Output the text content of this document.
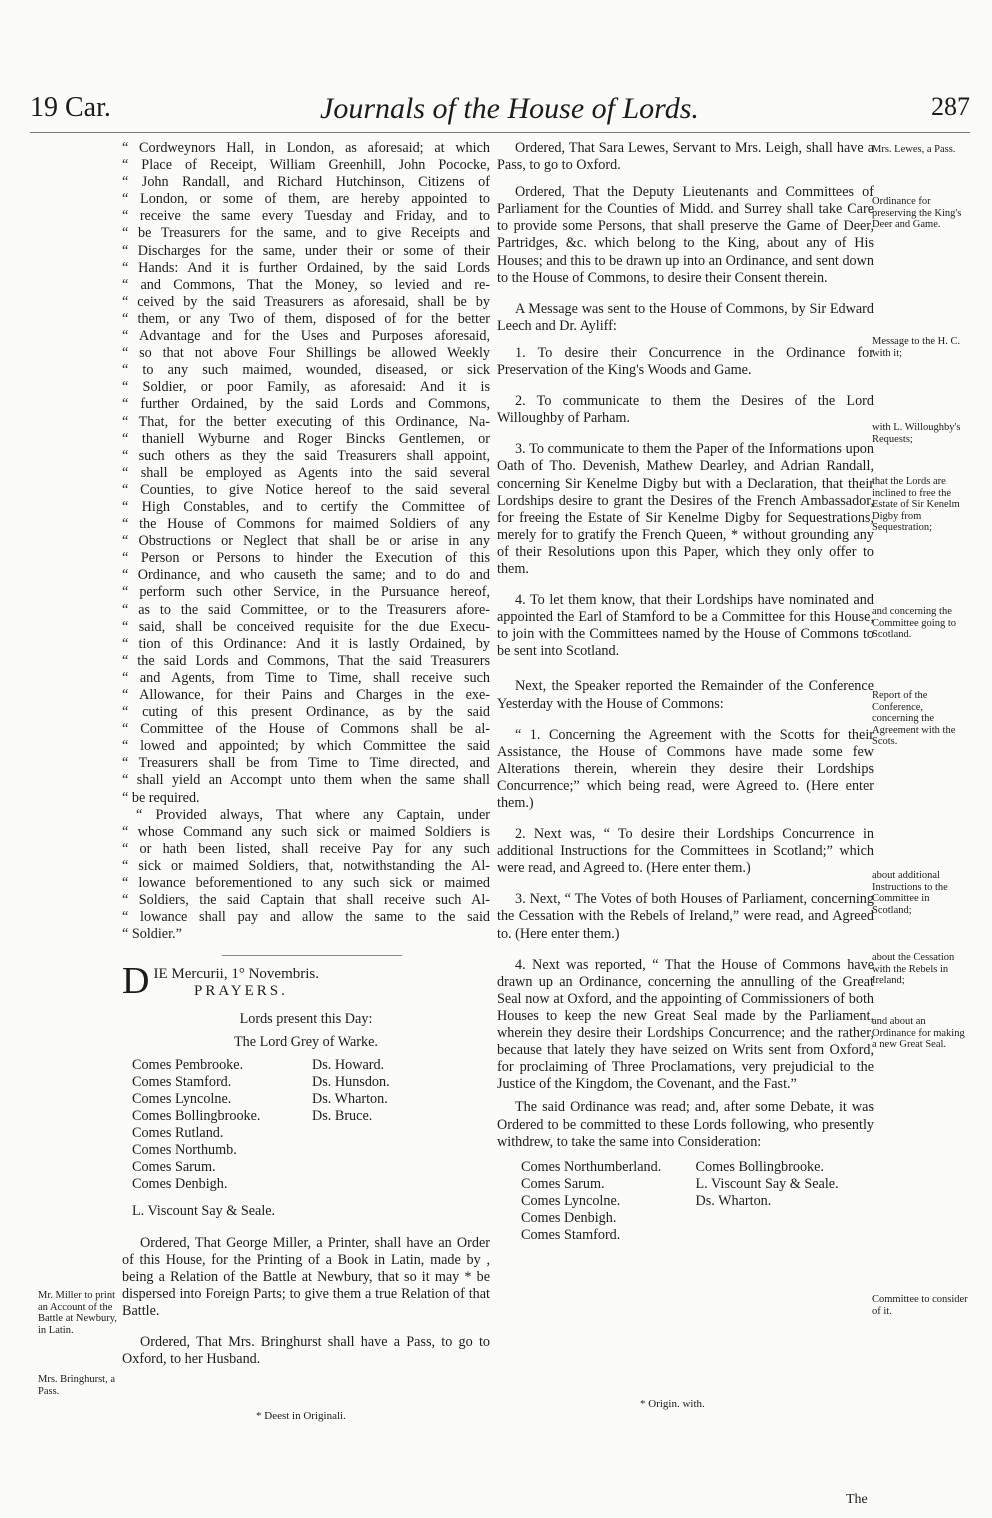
19 Car.	Journals of the House of Lords.	287
“ Cordweynors Hall, in London, as aforesaid; at which
“ Place of Receipt, William Greenhill, John Pococke,
“ John Randall, and Richard Hutchinson, Citizens of
“ London, or some of them, are hereby appointed to
“ receive the same every Tuesday and Friday, and to
“ be Treasurers for the same, and to give Receipts and
“ Discharges for the same, under their or some of their
“ Hands: And it is further Ordained, by the said Lords
“ and Commons, That the Money, so levied and re-
“ ceived by the said Treasurers as aforesaid, shall be by
“ them, or any Two of them, disposed of for the better
“ Advantage and for the Uses and Purposes aforesaid,
“ so that not above Four Shillings be allowed Weekly
“ to any such maimed, wounded, diseased, or sick
“ Soldier, or poor Family, as aforesaid: And it is
“ further Ordained, by the said Lords and Commons,
“ That, for the better executing of this Ordinance, Na-
“ thaniell Wyburne and Roger Bincks Gentlemen, or
“ such others as they the said Treasurers shall appoint,
“ shall be employed as Agents into the said several
“ Counties, to give Notice hereof to the said several
“ High Constables, and to certify the Committee of
“ the House of Commons for maimed Soldiers of any
“ Obstructions or Neglect that shall be or arise in any
“ Person or Persons to hinder the Execution of this
“ Ordinance, and who causeth the same; and to do and
“ perform such other Service, in the Pursuance hereof,
“ as to the said Committee, or to the Treasurers afore-
“ said, shall be conceived requisite for the due Execu-
“ tion of this Ordinance: And it is lastly Ordained, by
“ the said Lords and Commons, That the said Treasurers
“ and Agents, from Time to Time, shall receive such
“ Allowance, for their Pains and Charges in the exe-
“ cuting of this present Ordinance, as by the said
“ Committee of the House of Commons shall be al-
“ lowed and appointed; by which Committee the said
“ Treasurers shall be from Time to Time directed, and
“ shall yield an Accompt unto them when the same shall
“ be required.
“ Provided always, That where any Captain, under
“ whose Command any such sick or maimed Soldiers is
“ or hath been listed, shall receive Pay for any such
“ sick or maimed Soldiers, that, notwithstanding the Al-
“ lowance beforementioned to any such sick or maimed
“ Soldiers, the said Captain that shall receive such Al-
“ lowance shall pay and allow the same to the said
“ Soldier.”
D IE Mercurii, 1° Novembris.
PRAYERS.

Lords present this Day:

The Lord Grey of Warke.

Comes Pembrooke.
Comes Stamford.
Comes Lyncolne.
Comes Bollingbrooke.
Comes Rutland.
Comes Northumb.
Comes Sarum.
Comes Denbigh.
Ds. Howard.
Ds. Hunsdon.
Ds. Wharton.
Ds. Bruce.

L. Viscount Say & Seale.

Ordered, That George Miller, a Printer, shall have an Order of this House, for the Printing of a Book in Latin, made by , being a Relation of the Battle at Newbury, that so it may * be dispersed into Foreign Parts; to give them a true Relation of that Battle.

Ordered, That Mrs. Bringhurst shall have a Pass, to go to Oxford, to her Husband.

* Deest in Originali.

Ordered, That Sara Lewes, Servant to Mrs. Leigh, shall have a Pass, to go to Oxford.

Ordered, That the Deputy Lieutenants and Committees of Parliament for the Counties of Midd. and Surrey shall take Care to provide some Persons, that shall preserve the Game of Deer, Partridges, &c. which belong to the King, about any of His Houses; and this to be drawn up into an Ordinance, and sent down to the House of Commons, to desire their Consent therein.

A Message was sent to the House of Commons, by Sir Edward Leech and Dr. Ayliff:

1. To desire their Concurrence in the Ordinance for Preservation of the King's Woods and Game.

2. To communicate to them the Desires of the Lord Willoughby of Parham.

3. To communicate to them the Paper of the Informations upon Oath of Tho. Devenish, Mathew Dearley, and Adrian Randall, concerning Sir Kenelme Digby but with a Declaration, that their Lordships desire to grant the Desires of the French Ambassador, for freeing the Estate of Sir Kenelme Digby for Sequestrations, merely for to gratify the French Queen, * without grounding any of their Resolutions upon this Paper, which they only offer to them.

4. To let them know, that their Lordships have nominated and appointed the Earl of Stamford to be a Committee for this House, to join with the Committees named by the House of Commons to be sent into Scotland.

Next, the Speaker reported the Remainder of the Conference Yesterday with the House of Commons:

“ 1. Concerning the Agreement with the Scotts for their Assistance, the House of Commons have made some few Alterations therein, wherein they desire their Lordships Concurrence;” which being read, were Agreed to. (Here enter them.)

2. Next was, “ To desire their Lordships Concurrence in additional Instructions for the Committees in Scotland;” which were read, and Agreed to. (Here enter them.)

3. Next, “ The Votes of both Houses of Parliament, concerning the Cessation with the Rebels of Ireland,” were read, and Agreed to. (Here enter them.)

4. Next was reported, “ That the House of Commons have drawn up an Ordinance, concerning the annulling of the Great Seal now at Oxford, and the appointing of Commissioners of both Houses to keep the new Great Seal made by the Parliament, wherein they desire their Lordships Concurrence; and the rather, because that lately they have seized on Writs sent from Oxford, for proclaiming of Three Proclamations, very prejudicial to the Justice of the Kingdom, the Covenant, and the Fast.”

The said Ordinance was read; and, after some Debate, it was Ordered to be committed to these Lords following, who presently withdrew, to take the same into Consideration:

Comes Northumberland.
Comes Sarum.
Comes Lyncolne.
Comes Denbigh.
Comes Stamford.
Comes Bollingbrooke.
L. Viscount Say & Seale.
Ds. Wharton.
* Origin. with.
The
Mr. Miller to print an Account of the Battle at Newbury, in Latin.
Mrs. Bringhurst, a Pass.
Mrs. Lewes, a Pass.
Ordinance for preserving the King's Deer and Game.
Message to the H. C. with it;
with L. Willoughby's Requests;
that the Lords are inclined to free the Estate of Sir Kenelm Digby from Sequestration;
and concerning the Committee going to Scotland.
Report of the Conference, concerning the Agreement with the Scots.
about additional Instructions to the Committee in Scotland;
about the Cessation with the Rebels in Ireland;
and about an Ordinance for making a new Great Seal.
Committee to consider of it.
